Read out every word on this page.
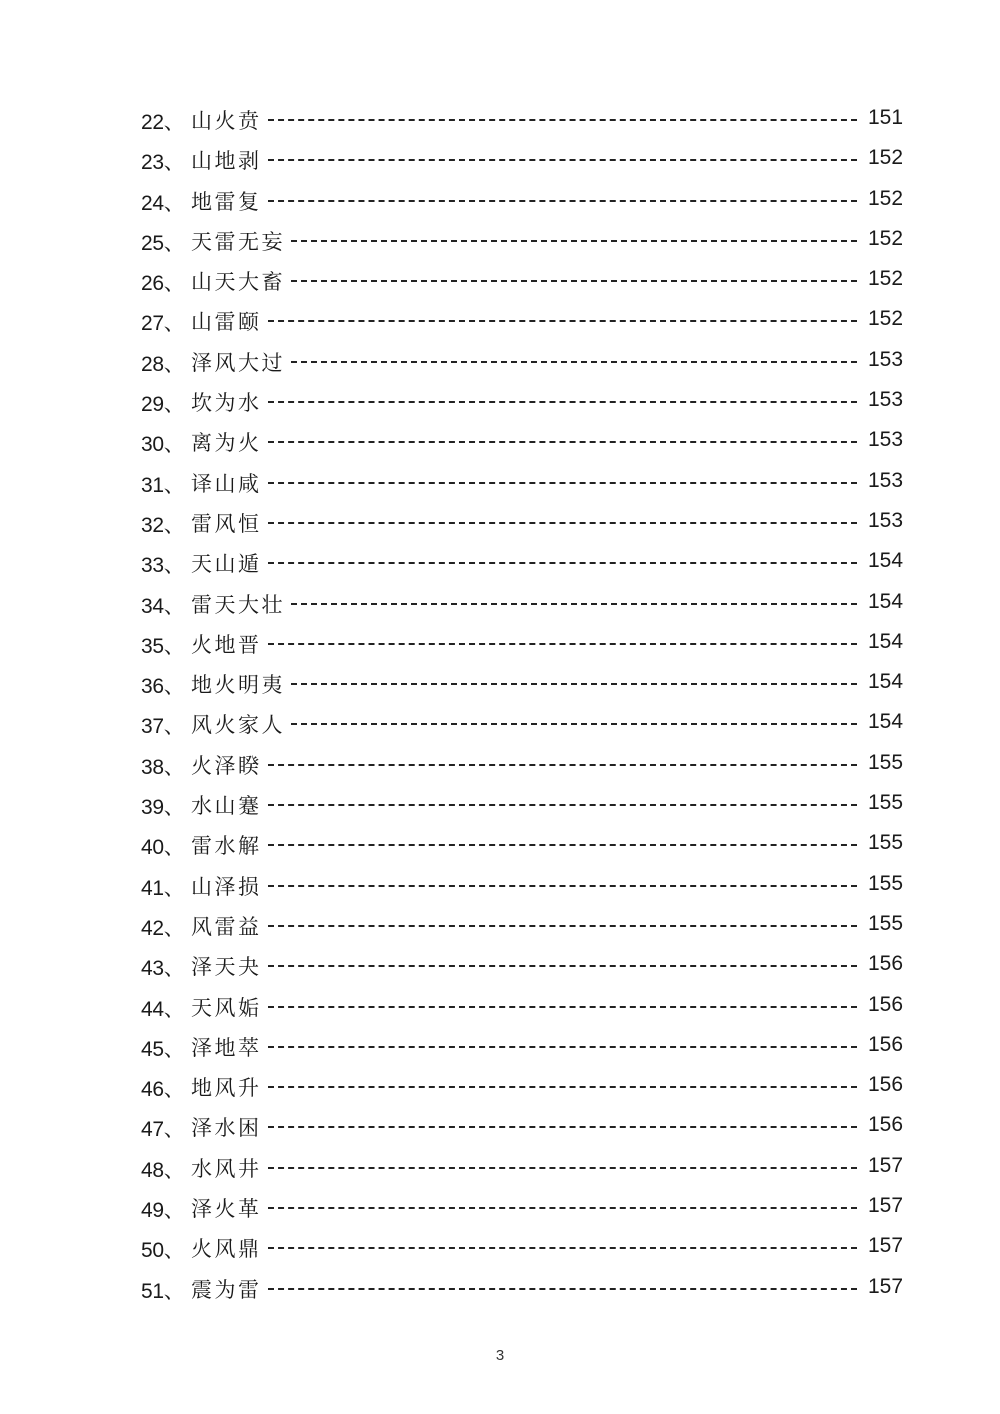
22、 山火贲	151
23、 山地剥	152
24、 地雷复	152
25、 天雷无妄	152
26、 山天大畜	152
27、 山雷颐	152
28、 泽风大过	153
29、 坎为水	153
30、 离为火	153
31、 译山咸	153
32、 雷风恒	153
33、 天山遁	154
34、 雷天大壮	154
35、 火地晋	154
36、 地火明夷	154
37、 风火家人	154
38、 火泽睽	155
39、 水山蹇	155
40、 雷水解	155
41、 山泽损	155
42、 风雷益	155
43、 泽天夬	156
44、 天风姤	156
45、 泽地萃	156
46、 地风升	156
47、 泽水困	156
48、 水风井	157
49、 泽火革	157
50、 火风鼎	157
51、 震为雷	157
3
